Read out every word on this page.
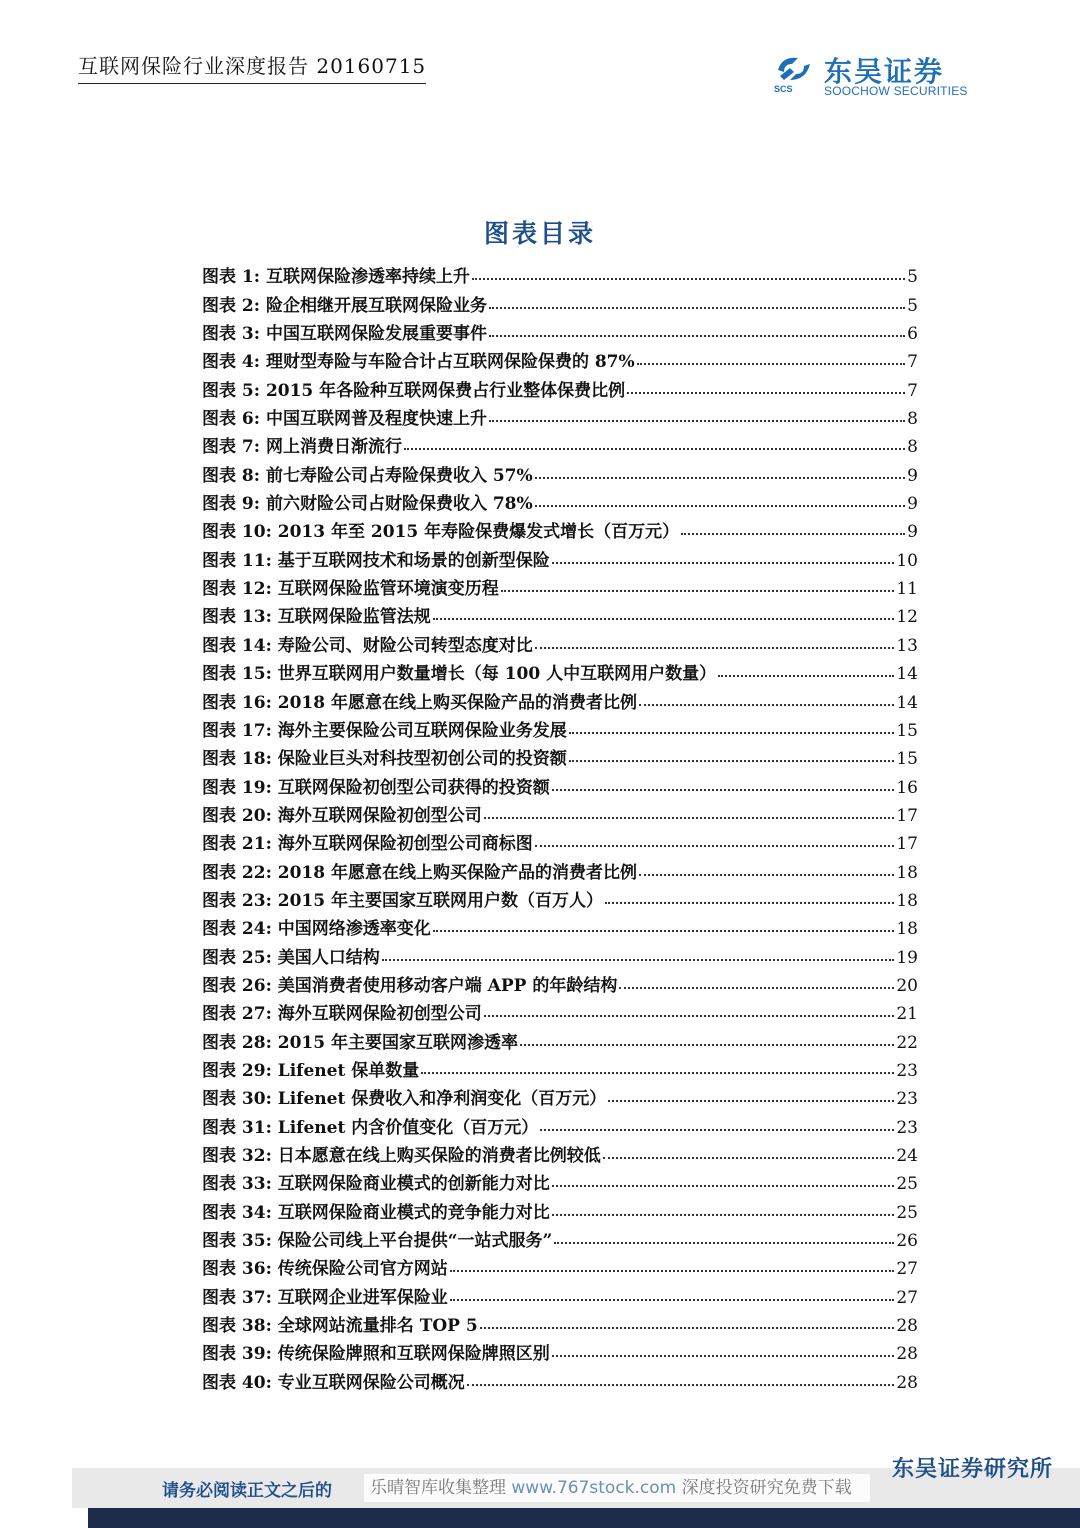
互联网保险行业深度报告 20160715
SCS
东吴证券
SOOCHOW SECURITIES
图表目录
图表 1: 互联网保险渗透率持续上升	5
图表 2: 险企相继开展互联网保险业务	5
图表 3: 中国互联网保险发展重要事件	6
图表 4: 理财型寿险与车险合计占互联网保险保费的 87%	7
图表 5: 2015 年各险种互联网保费占行业整体保费比例	7
图表 6: 中国互联网普及程度快速上升	8
图表 7: 网上消费日渐流行	8
图表 8: 前七寿险公司占寿险保费收入 57%	9
图表 9: 前六财险公司占财险保费收入 78%	9
图表 10: 2013 年至 2015 年寿险保费爆发式增长（百万元）	9
图表 11: 基于互联网技术和场景的创新型保险	10
图表 12: 互联网保险监管环境演变历程	11
图表 13: 互联网保险监管法规	12
图表 14: 寿险公司、财险公司转型态度对比	13
图表 15: 世界互联网用户数量增长（每 100 人中互联网用户数量）	14
图表 16: 2018 年愿意在线上购买保险产品的消费者比例	14
图表 17: 海外主要保险公司互联网保险业务发展	15
图表 18: 保险业巨头对科技型初创公司的投资额	15
图表 19: 互联网保险初创型公司获得的投资额	16
图表 20: 海外互联网保险初创型公司	17
图表 21: 海外互联网保险初创型公司商标图	17
图表 22: 2018 年愿意在线上购买保险产品的消费者比例	18
图表 23: 2015 年主要国家互联网用户数（百万人）	18
图表 24: 中国网络渗透率变化	18
图表 25: 美国人口结构	19
图表 26: 美国消费者使用移动客户端 APP 的年龄结构	20
图表 27: 海外互联网保险初创型公司	21
图表 28: 2015 年主要国家互联网渗透率	22
图表 29: Lifenet 保单数量	23
图表 30: Lifenet 保费收入和净利润变化（百万元）	23
图表 31: Lifenet 内含价值变化（百万元）	23
图表 32: 日本愿意在线上购买保险的消费者比例较低	24
图表 33: 互联网保险商业模式的创新能力对比	25
图表 34: 互联网保险商业模式的竞争能力对比	25
图表 35: 保险公司线上平台提供“一站式服务”	26
图表 36: 传统保险公司官方网站	27
图表 37: 互联网企业进军保险业	27
图表 38: 全球网站流量排名 TOP 5	28
图表 39: 传统保险牌照和互联网保险牌照区别	28
图表 40: 专业互联网保险公司概况	28
请务必阅读正文之后的	乐晴智库收集整理 www.767stock.com 深度投资研究免费下载
东吴证券研究所
